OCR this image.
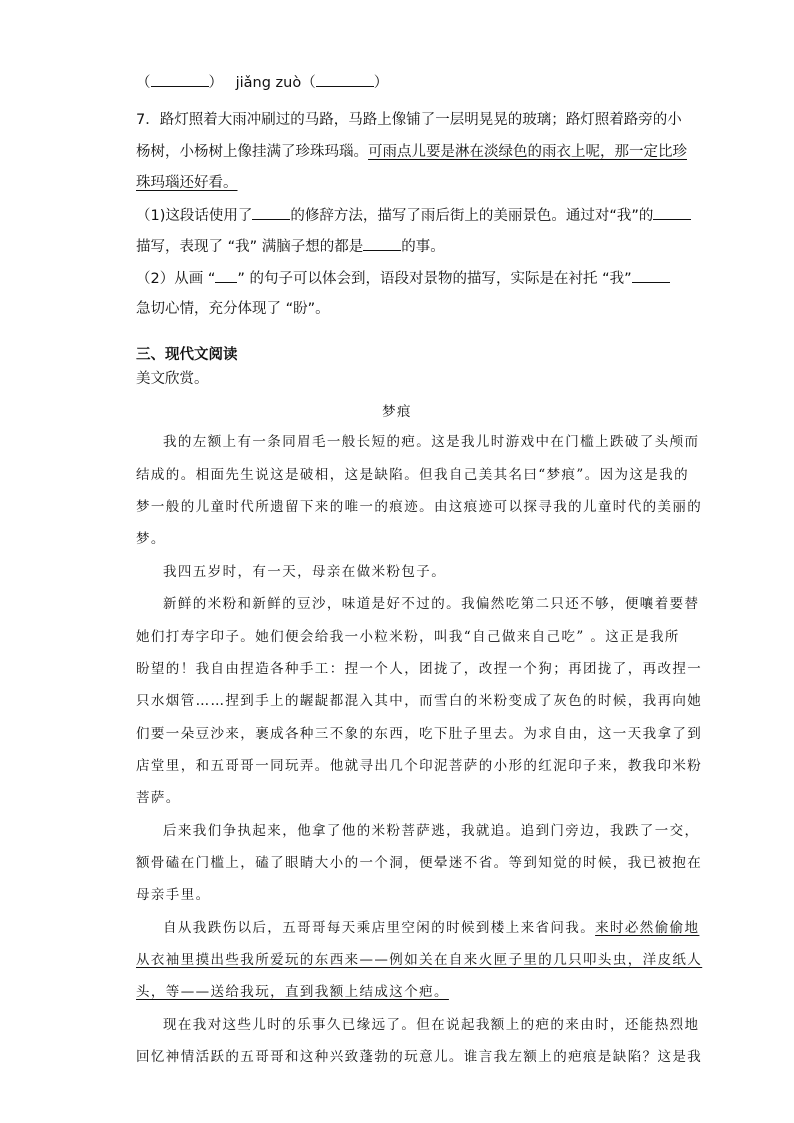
（	） jiǎng zuò（	）
7．路灯照着大雨冲刷过的马路，马路上像铺了一层明晃晃的玻璃；路灯照着路旁的小
杨树，小杨树上像挂满了珍珠玛瑙。可雨点儿要是淋在淡绿色的雨衣上呢，那一定比珍
珠玛瑙还好看。
（1)这段话使用了	的修辞方法，描写了雨后街上的美丽景色。通过对“我”的
描写，表现了 “我” 满脑子想的都是	的事。
（2）从画 “ ” 的句子可以体会到，语段对景物的描写，实际是在衬托 “我”
急切心情，充分体现了 “盼”。
三、现代文阅读
美文欣赏。
梦痕
我的左额上有一条同眉毛一般长短的疤。这是我儿时游戏中在门槛上跌破了头颅而
结成的。相面先生说这是破相，这是缺陷。但我自己美其名曰“梦痕”。因为这是我的
梦一般的儿童时代所遗留下来的唯一的痕迹。由这痕迹可以探寻我的儿童时代的美丽的
梦。
我四五岁时，有一天，母亲在做米粉包子。
新鲜的米粉和新鲜的豆沙，味道是好不过的。我偏然吃第二只还不够，便嚷着要替
她们打寿字印子。她们便会给我一小粒米粉，叫我“自己做来自己吃” 。这正是我所
盼望的！我自由捏造各种手工：捏一个人，团拢了，改捏一个狗；再团拢了，再改捏一
只水烟管……捏到手上的龌龊都混入其中，而雪白的米粉变成了灰色的时候，我再向她
们要一朵豆沙来，裹成各种三不象的东西，吃下肚子里去。为求自由，这一天我拿了到
店堂里，和五哥哥一同玩弄。他就寻出几个印泥菩萨的小形的红泥印子来，教我印米粉
菩萨。
后来我们争执起来，他拿了他的米粉菩萨逃，我就追。追到门旁边，我跌了一交，
额骨磕在门槛上，磕了眼睛大小的一个洞，便晕迷不省。等到知觉的时候，我已被抱在
母亲手里。
自从我跌伤以后，五哥哥每天乘店里空闲的时候到楼上来省问我。来时必然偷偷地
从衣袖里摸出些我所爱玩的东西来——例如关在自来火匣子里的几只叩头虫，洋皮纸人
头，等——送给我玩，直到我额上结成这个疤。
现在我对这些儿时的乐事久已缘远了。但在说起我额上的疤的来由时，还能热烈地
回忆神情活跃的五哥哥和这种兴致蓬勃的玩意儿。谁言我左额上的疤痕是缺陷？这是我
